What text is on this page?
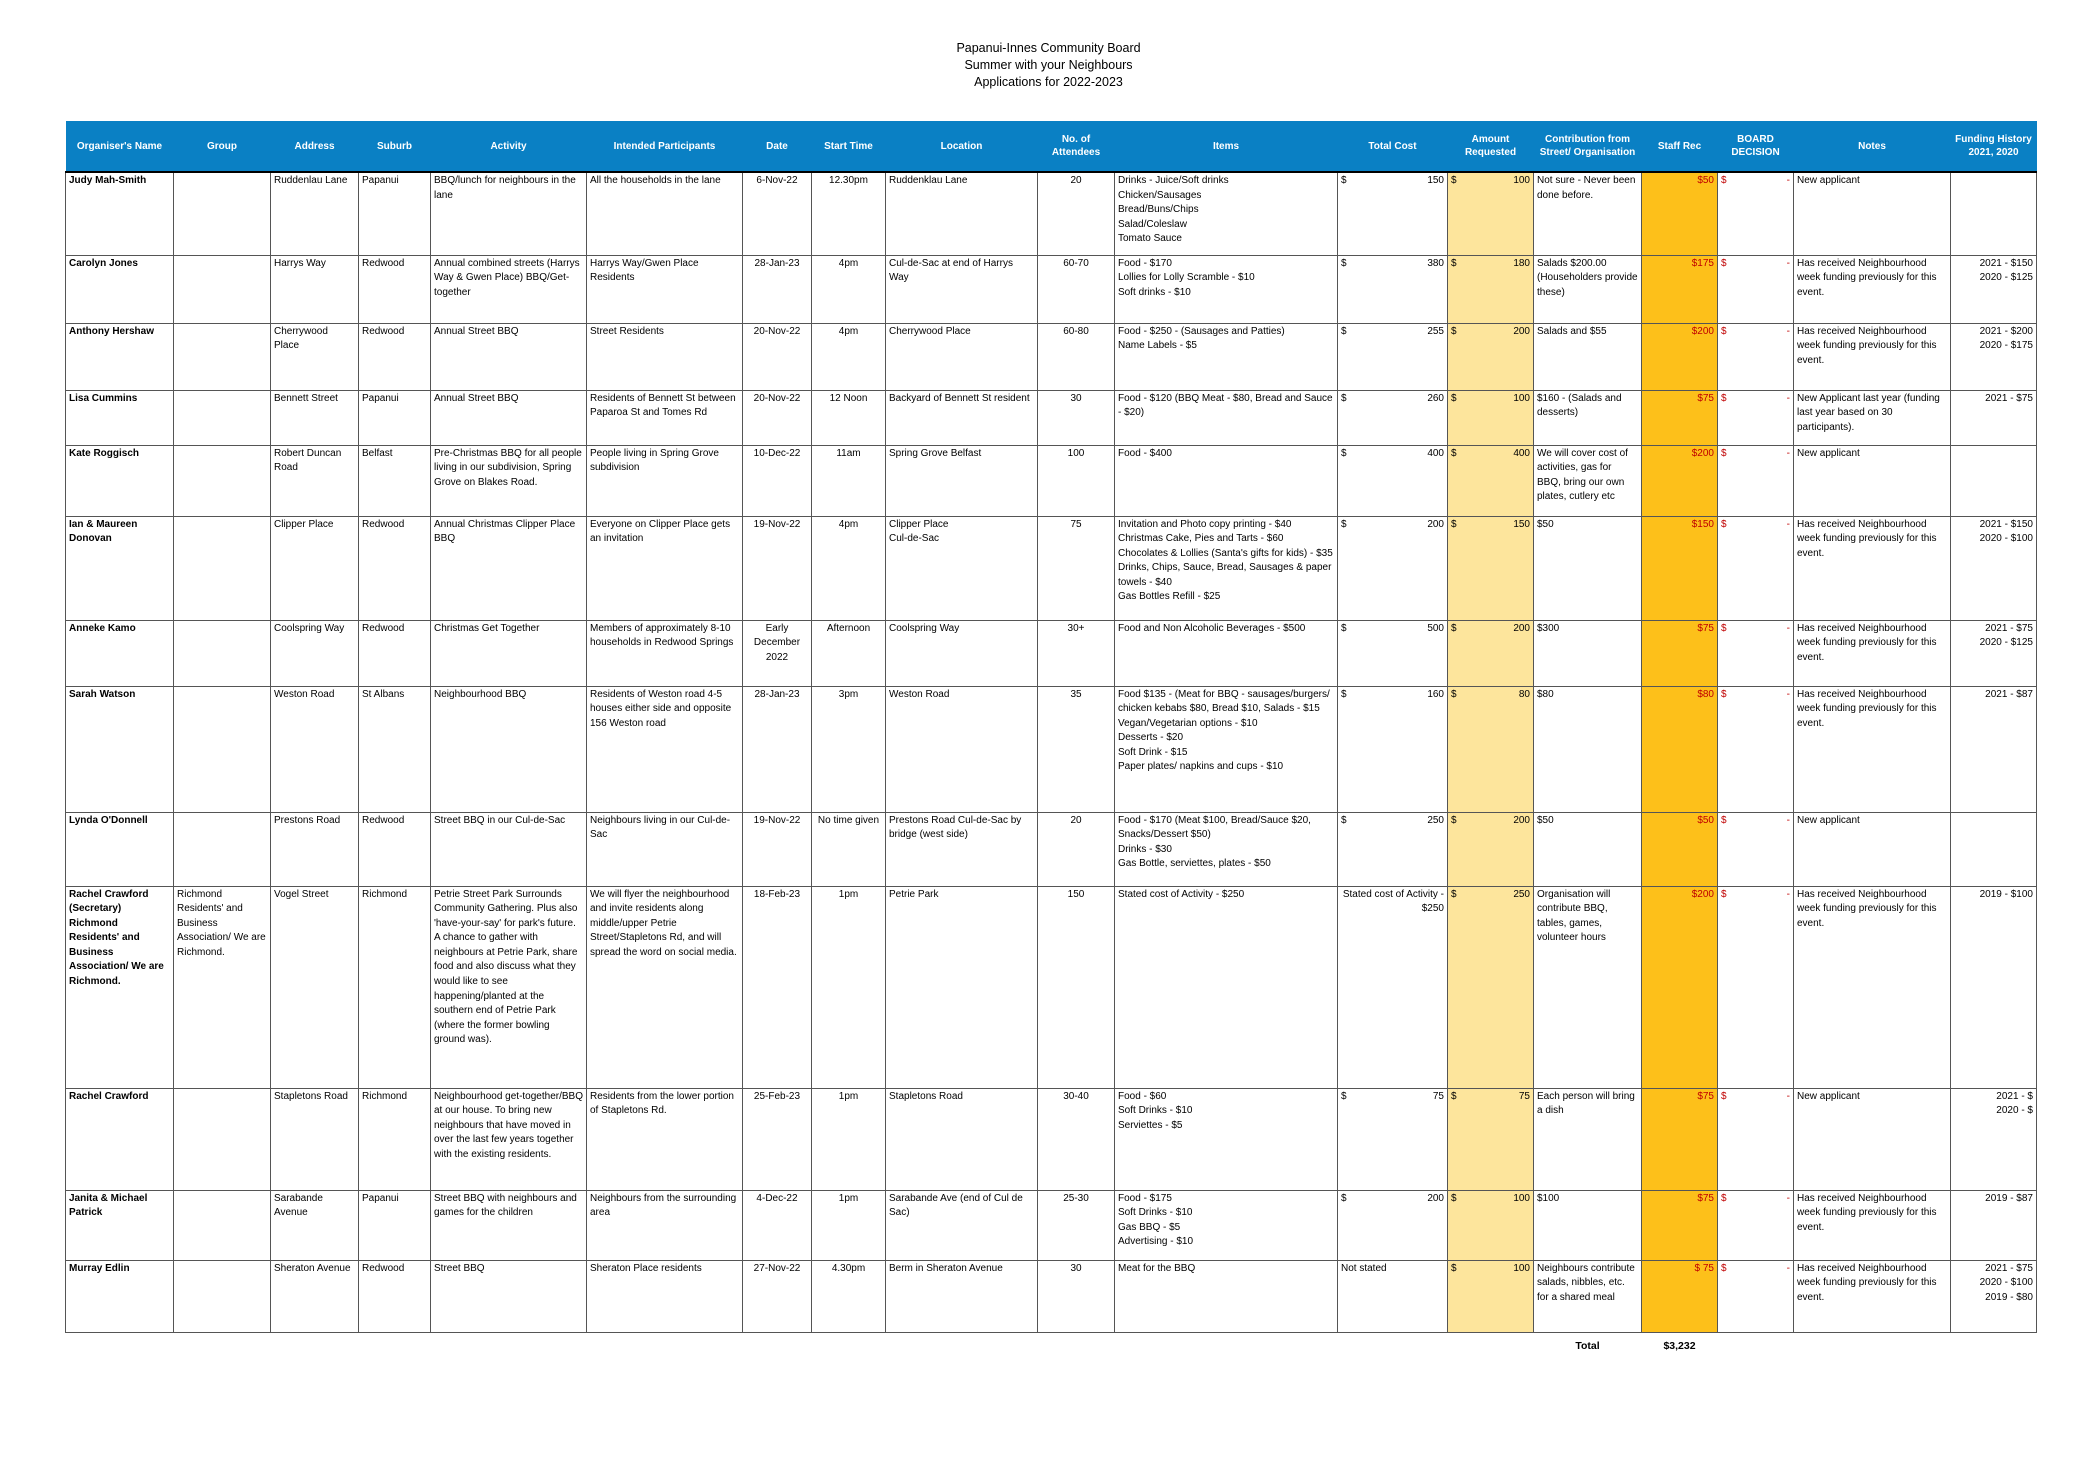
Papanui-Innes Community Board
Summer with your Neighbours
Applications for 2022-2023
Organiser's Name	Group	Address	Suburb	Activity	Intended Participants	Date	Start Time	Location	No. of Attendees	Items	Total Cost	Amount Requested	Contribution from Street/ Organisation	Staff Rec	BOARD DECISION	Notes	Funding History 2021, 2020
Judy Mah-Smith		Ruddenlau Lane	Papanui	BBQ/lunch for neighbours in the lane	All the households in the lane	6-Nov-22	12.30pm	Ruddenklau Lane	20	Drinks - Juice/Soft drinks
Chicken/Sausages
Bread/Buns/Chips
Salad/Coleslaw
Tomato Sauce	$ 150	$ 100	Not sure - Never been done before.	$50	$ -	New applicant	
Carolyn Jones		Harrys Way	Redwood	Annual combined streets (Harrys Way & Gwen Place) BBQ/Get-together	Harrys Way/Gwen Place Residents	28-Jan-23	4pm	Cul-de-Sac at end of Harrys Way	60-70	Food - $170
Lollies for Lolly Scramble - $10
Soft drinks - $10	$ 380	$ 180	Salads $200.00 (Householders provide these)	$175	$ -	Has received Neighbourhood week funding previously for this event.	2021 - $150
2020 - $125
Anthony Hershaw		Cherrywood Place	Redwood	Annual Street BBQ	Street Residents	20-Nov-22	4pm	Cherrywood Place	60-80	Food - $250 - (Sausages and Patties)
Name Labels - $5	$ 255	$ 200	Salads and $55	$200	$ -	Has received Neighbourhood week funding previously for this event.	2021 - $200
2020 - $175
Lisa Cummins		Bennett Street	Papanui	Annual Street BBQ	Residents of Bennett St between Paparoa St and Tomes Rd	20-Nov-22	12 Noon	Backyard of Bennett St resident	30	Food - $120 (BBQ Meat - $80, Bread and Sauce - $20)	$ 260	$ 100	$160 - (Salads and desserts)	$75	$ -	New Applicant last year (funding last year based on 30 participants).	2021 - $75
Kate Roggisch		Robert Duncan Road	Belfast	Pre-Christmas BBQ for all people living in our subdivision, Spring Grove on Blakes Road.	People living in Spring Grove subdivision	10-Dec-22	11am	Spring Grove Belfast	100	Food - $400	$ 400	$ 400	We will cover cost of activities, gas for BBQ, bring our own plates, cutlery etc	$200	$ -	New applicant	
Ian & Maureen Donovan		Clipper Place	Redwood	Annual Christmas Clipper Place BBQ	Everyone on Clipper Place gets an invitation	19-Nov-22	4pm	Clipper Place
Cul-de-Sac	75	Invitation and Photo copy printing - $40
Christmas Cake, Pies and Tarts - $60
Chocolates & Lollies (Santa's gifts for kids) - $35 Drinks, Chips, Sauce, Bread, Sausages & paper towels - $40
Gas Bottles Refill - $25	$ 200	$ 150	$50	$150	$ -	Has received Neighbourhood week funding previously for this event.	2021 - $150
2020 - $100
Anneke Kamo		Coolspring Way	Redwood	Christmas Get Together	Members of approximately 8-10 households in Redwood Springs	Early December 2022	Afternoon	Coolspring Way	30+	Food and Non Alcoholic Beverages - $500	$ 500	$ 200	$300	$75	$ -	Has received Neighbourhood week funding previously for this event.	2021 - $75
2020 - $125
Sarah Watson		Weston Road	St Albans	Neighbourhood BBQ	Residents of Weston road 4-5 houses either side and opposite 156 Weston road	28-Jan-23	3pm	Weston Road	35	Food $135 - (Meat for BBQ - sausages/burgers/ chicken kebabs $80, Bread $10, Salads - $15 Vegan/Vegetarian options - $10
Desserts - $20
Soft Drink - $15
Paper plates/ napkins and cups - $10	$ 160	$ 80	$80	$80	$ -	Has received Neighbourhood week funding previously for this event.	2021 - $87
Lynda O'Donnell		Prestons Road	Redwood	Street BBQ in our Cul-de-Sac	Neighbours living in our Cul-de-Sac	19-Nov-22	No time given	Prestons Road Cul-de-Sac by bridge (west side)	20	Food - $170 (Meat $100, Bread/Sauce $20, Snacks/Dessert $50)
Drinks - $30
Gas Bottle, serviettes, plates - $50	$ 250	$ 200	$50	$50	$ -	New applicant	
Rachel Crawford (Secretary) Richmond Residents' and Business Association/ We are Richmond.	Richmond Residents' and Business Association/ We are Richmond.	Vogel Street	Richmond	Petrie Street Park Surrounds Community Gathering. Plus also 'have-your-say' for park's future. A chance to gather with neighbours at Petrie Park, share food and also discuss what they would like to see happening/planted at the southern end of Petrie Park (where the former bowling ground was).	We will flyer the neighbourhood and invite residents along middle/upper Petrie Street/Stapletons Rd, and will spread the word on social media.	18-Feb-23	1pm	Petrie Park	150	Stated cost of Activity - $250	Stated cost of Activity - $250	$ 250	Organisation will contribute BBQ, tables, games, volunteer hours	$200	$ -	Has received Neighbourhood week funding previously for this event.	2019 - $100
Rachel Crawford		Stapletons Road	Richmond	Neighbourhood get-together/BBQ at our house. To bring new neighbours that have moved in over the last few years together with the existing residents.	Residents from the lower portion of Stapletons Rd.	25-Feb-23	1pm	Stapletons Road	30-40	Food - $60
Soft Drinks - $10
Serviettes - $5	$ 75	$ 75	Each person will bring a dish	$75	$ -	New applicant	2021 - $
2020 - $
Janita & Michael Patrick		Sarabande Avenue	Papanui	Street BBQ with neighbours and games for the children	Neighbours from the surrounding area	4-Dec-22	1pm	Sarabande Ave (end of Cul de Sac)	25-30	Food - $175
Soft Drinks - $10
Gas BBQ - $5
Advertising - $10	$ 200	$ 100	$100	$75	$ -	Has received Neighbourhood week funding previously for this event.	2019 - $87
Murray Edlin		Sheraton Avenue	Redwood	Street BBQ	Sheraton Place residents	27-Nov-22	4.30pm	Berm in Sheraton Avenue	30	Meat for the BBQ	Not stated	$ 100	Neighbours contribute salads, nibbles, etc. for a shared meal	$ 75	$ -	Has received Neighbourhood week funding previously for this event.	2021 - $75
2020 - $100
2019 - $80
													Total	$3,232			
